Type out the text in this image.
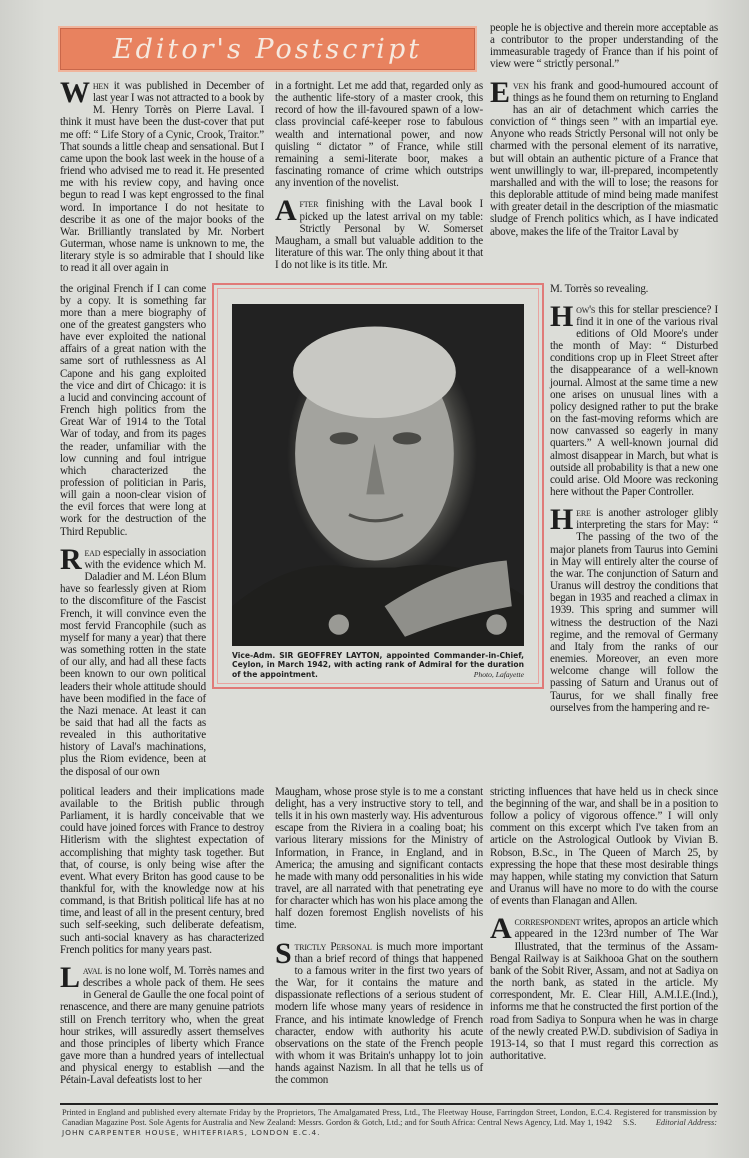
Editor's Postscript

people he is objective and therein more acceptable as a contributor to the proper understanding of the immeasurable tragedy of France than if his point of view were “ strictly personal.”

Even his frank and good-humoured account of things as he found them on returning to England has an air of detachment which carries the conviction of “ things seen ” with an impartial eye. Anyone who reads Strictly Personal will not only be charmed with the personal element of its narrative, but will obtain an authentic picture of a France that went unwillingly to war, ill-prepared, incompetently marshalled and with the will to lose; the reasons for this deplorable attitude of mind being made manifest with greater detail in the description of the miasmatic sludge of French politics which, as I have indicated above, makes the life of the Traitor Laval by

When it was published in December of last year I was not attracted to a book by M. Henry Torrès on Pierre Laval. I think it must have been the dust-cover that put me off: “ Life Story of a Cynic, Crook, Traitor.” That sounds a little cheap and sensational. But I came upon the book last week in the house of a friend who advised me to read it. He presented me with his review copy, and having once begun to read I was kept engrossed to the final word. In importance I do not hesitate to describe it as one of the major books of the War. Brilliantly translated by Mr. Norbert Guterman, whose name is unknown to me, the literary style is so admirable that I should like to read it all over again in

in a fortnight. Let me add that, regarded only as the authentic life-story of a master crook, this record of how the ill-favoured spawn of a low-class provincial café-keeper rose to fabulous wealth and international power, and now quisling “ dictator ” of France, while still remaining a semi-literate boor, makes a fascinating romance of crime which outstrips any invention of the novelist.

After finishing with the Laval book I picked up the latest arrival on my table: Strictly Personal by W. Somerset Maugham, a small but valuable addition to the literature of this war. The only thing about it that I do not like is its title. Mr.

the original French if I can come by a copy. It is something far more than a mere biography of one of the greatest gangsters who have ever exploited the national affairs of a great nation with the same sort of ruthlessness as Al Capone and his gang exploited the vice and dirt of Chicago: it is a lucid and convincing account of French high politics from the Great War of 1914 to the Total War of today, and from its pages the reader, unfamiliar with the low cunning and foul intrigue which characterized the profession of politician in Paris, will gain a noon-clear vision of the evil forces that were long at work for the destruction of the Third Republic.

Read especially in association with the evidence which M. Daladier and M. Léon Blum have so fearlessly given at Riom to the discomfiture of the Fascist French, it will convince even the most fervid Francophile (such as myself for many a year) that there was something rotten in the state of our ally, and had all these facts been known to our own political leaders their whole attitude should have been modified in the face of the Nazi menace. At least it can be said that had all the facts as revealed in this authoritative history of Laval's machinations, plus the Riom evidence, been at the disposal of our own

Vice-Adm. SIR GEOFFREY LAYTON, appointed Commander-in-Chief, Ceylon, in March 1942, with acting rank of Admiral for the duration of the appointment.	Photo, Lafayette

M. Torrès so revealing.

How's this for stellar prescience? I find it in one of the various rival editions of Old Moore's under the month of May: “ Disturbed conditions crop up in Fleet Street after the disappearance of a well-known journal. Almost at the same time a new one arises on unusual lines with a policy designed rather to put the brake on the fast-moving reforms which are now canvassed so eagerly in many quarters.” A well-known journal did almost disappear in March, but what is outside all probability is that a new one could arise. Old Moore was reckoning here without the Paper Controller.

Here is another astrologer glibly interpreting the stars for May: “ The passing of the two of the major planets from Taurus into Gemini in May will entirely alter the course of the war. The conjunction of Saturn and Uranus will destroy the conditions that began in 1935 and reached a climax in 1939. This spring and summer will witness the destruction of the Nazi regime, and the removal of Germany and Italy from the ranks of our enemies. Moreover, an even more welcome change will follow the passing of Saturn and Uranus out of Taurus, for we shall finally free ourselves from the hampering and re-

political leaders and their implications made available to the British public through Parliament, it is hardly conceivable that we could have joined forces with France to destroy Hitlerism with the slightest expectation of accomplishing that mighty task together. But that, of course, is only being wise after the event. What every Briton has good cause to be thankful for, with the knowledge now at his command, is that British political life has at no time, and least of all in the present century, bred such self-seeking, such deliberate defeatism, such anti-social knavery as has characterized French politics for many years past.

Laval is no lone wolf, M. Torrès names and describes a whole pack of them. He sees in General de Gaulle the one focal point of renascence, and there are many genuine patriots still on French territory who, when the great hour strikes, will assuredly assert themselves and those principles of liberty which France gave more than a hundred years of intellectual and physical energy to establish —and the Pétain-Laval defeatists lost to her

Maugham, whose prose style is to me a constant delight, has a very instructive story to tell, and tells it in his own masterly way. His adventurous escape from the Riviera in a coaling boat; his various literary missions for the Ministry of Information, in France, in England, and in America; the amusing and significant contacts he made with many odd personalities in his wide travel, are all narrated with that penetrating eye for character which has won his place among the half dozen foremost English novelists of his time.

Strictly Personal is much more important than a brief record of things that happened to a famous writer in the first two years of the War, for it contains the mature and dispassionate reflections of a serious student of modern life whose many years of residence in France, and his intimate knowledge of French character, endow with authority his acute observations on the state of the French people with whom it was Britain's unhappy lot to join hands against Nazism. In all that he tells us of the common

stricting influences that have held us in check since the beginning of the war, and shall be in a position to follow a policy of vigorous offence.” I will only comment on this excerpt which I've taken from an article on the Astrological Outlook by Vivian B. Robson, B.Sc., in The Queen of March 25, by expressing the hope that these most desirable things may happen, while stating my conviction that Saturn and Uranus will have no more to do with the course of events than Flanagan and Allen.

A correspondent writes, apropos an article which appeared in the 123rd number of The War Illustrated, that the terminus of the Assam-Bengal Railway is at Saikhooa Ghat on the southern bank of the Sobit River, Assam, and not at Sadiya on the north bank, as stated in the article. My correspondent, Mr. E. Clear Hill, A.M.I.E.(Ind.), informs me that he constructed the first portion of the road from Sadiya to Sonpura when he was in charge of the newly created P.W.D. subdivision of Sadiya in 1913-14, so that I must regard this correction as authoritative.

Printed in England and published every alternate Friday by the Proprietors, The Amalgamated Press, Ltd., The Fleetway House, Farringdon Street, London, E.C.4. Registered for transmission by Canadian Magazine Post. Sole Agents for Australia and New Zealand: Messrs. Gordon & Gotch, Ltd.; and for South Africa: Central News Agency, Ltd. May 1, 1942 S.S. Editorial Address: JOHN CARPENTER HOUSE, WHITEFRIARS, LONDON E.C.4.
